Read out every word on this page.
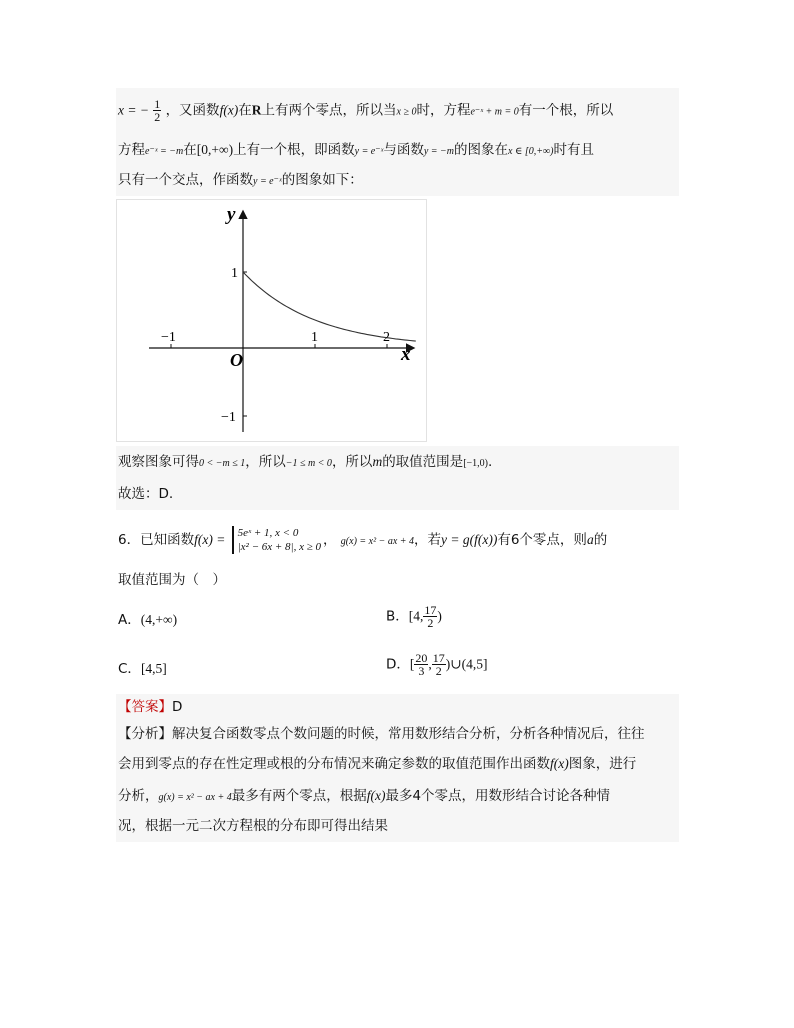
x = − $\frac{1}{2}$ ，又函数f(x)在R上有两个零点，所以当x ≥ 0时，方程e⁻ˣ + m = 0有一个根，所以
方程e⁻ˣ = −m在[0,+∞)上有一个根，即函数y = e⁻ˣ与函数y = −m的图象在x ∈ [0,+∞)时有且
只有一个交点，作函数y = e⁻ˣ的图象如下：
y
x
O
−1	1	2
1
−1
观察图象可得0 < −m ≤ 1，所以−1 ≤ m < 0，所以m的取值范围是[−1,0).
故选：D.
6．已知函数f(x) = 5eˣ + 1, x < 0
|x² − 6x + 8|, x ≥ 0 ， g(x) = x² − ax + 4，若y = g(f(x))有6个零点，则a的
取值范围为（　）
A．(4,+∞)	B．[4, $\frac{17}{2}$ )
C．[4,5]	D．[ $\frac{20}{3}$ , $\frac{17}{2}$ )∪(4,5]
【答案】D
【分析】解决复合函数零点个数问题的时候，常用数形结合分析，分析各种情况后，往往
会用到零点的存在性定理或根的分布情况来确定参数的取值范围作出函数f(x)图象，进行
分析，g(x) = x² − ax + 4最多有两个零点，根据f(x)最多4个零点，用数形结合讨论各种情
况，根据一元二次方程根的分布即可得出结果
